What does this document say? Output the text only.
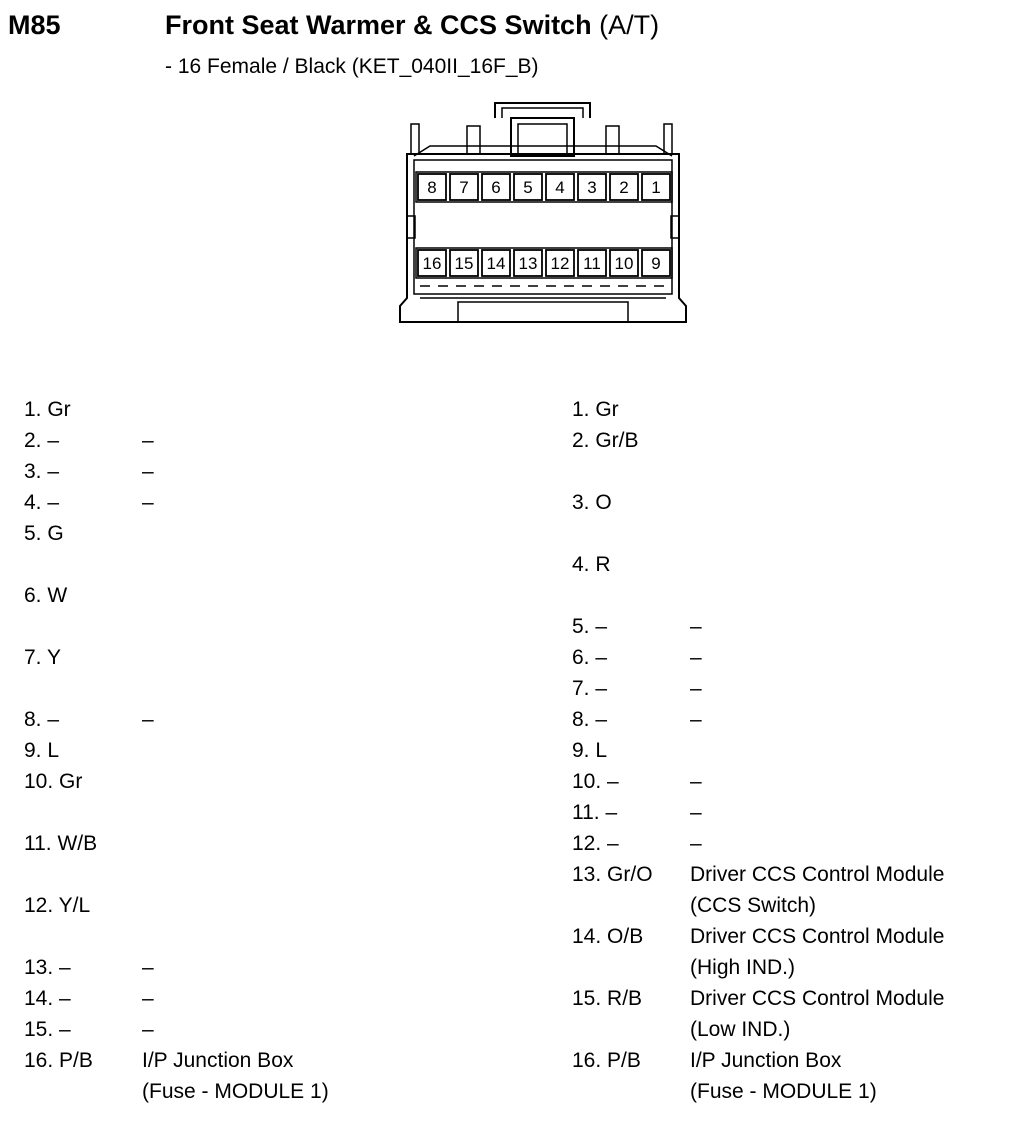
M85	Front Seat Warmer & CCS Switch (A/T)
- 16 Female / Black (KET_040II_16F_B)
8 7 6 5 4 3 2 1
16 15 14 13 12 11 10 9
1. Gr
2. –	–
3. –	–
4. –	–
5. G
6. W
7. Y
8. –	–
9. L
10. Gr
11. W/B
12. Y/L
13. –	–
14. –	–
15. –	–
16. P/B	I/P Junction Box
(Fuse - MODULE 1)
1. Gr
2. Gr/B
3. O
4. R
5. –	–
6. –	–
7. –	–
8. –	–
9. L
10. –	–
11. –	–
12. –	–
13. Gr/O	Driver CCS Control Module
(CCS Switch)
14. O/B	Driver CCS Control Module
(High IND.)
15. R/B	Driver CCS Control Module
(Low IND.)
16. P/B	I/P Junction Box
(Fuse - MODULE 1)
